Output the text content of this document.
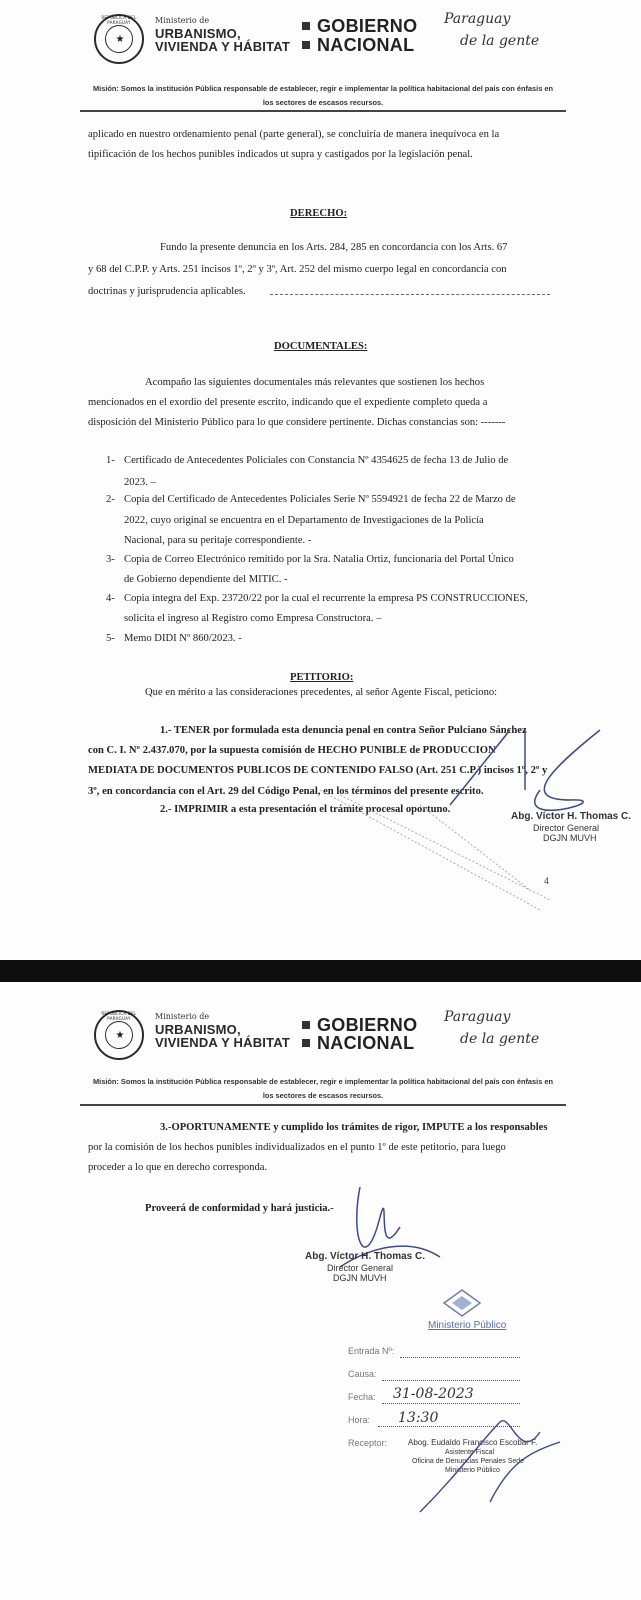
REPUBLICA DEL PARAGUAY
★
Ministerio de
URBANISMO,
VIVIENDA Y HÁBITAT
GOBIERNO
NACIONAL
Paraguay
de la gente
Misión: Somos la institución Pública responsable de establecer, regir e implementar la política habitacional del país con énfasis en
los sectores de escasos recursos.
aplicado en nuestro ordenamiento penal (parte general), se concluiría de manera inequívoca en la
tipificación de los hechos punibles indicados ut supra y castigados por la legislación penal.
DERECHO:
Fundo la presente denuncia en los Arts. 284, 285 en concordancia con los Arts. 67
y 68 del C.P.P. y Arts. 251 incisos 1º, 2º y 3º, Art. 252 del mismo cuerpo legal en concordancia con
doctrinas y jurisprudencia aplicables.
DOCUMENTALES:
Acompaño las siguientes documentales más relevantes que sostienen los hechos
mencionados en el exordio del presente escrito, indicando que el expediente completo queda a
disposición del Ministerio Público para lo que considere pertinente. Dichas constancias son: -------
1- Certificado de Antecedentes Policiales con Constancia Nº 4354625 de fecha 13 de Julio de
2023. –
2- Copia del Certificado de Antecedentes Policiales Serie Nº 5594921 de fecha 22 de Marzo de
2022, cuyo original se encuentra en el Departamento de Investigaciones de la Policía
Nacional, para su peritaje correspondiente. -
3- Copia de Correo Electrónico remitido por la Sra. Natalia Ortiz, funcionaria del Portal Único
de Gobierno dependiente del MITIC. -
4- Copia íntegra del Exp. 23720/22 por la cual el recurrente la empresa PS CONSTRUCCIONES,
solicita el ingreso al Registro como Empresa Constructora. –
5- Memo DIDI Nº 860/2023. -
PETITORIO:
Que en mérito a las consideraciones precedentes, al señor Agente Fiscal, peticiono:
1.- TENER por formulada esta denuncia penal en contra Señor Pulciano Sánchez
con C. I. Nº 2.437.070, por la supuesta comisión de HECHO PUNIBLE de PRODUCCION
MEDIATA DE DOCUMENTOS PUBLICOS DE CONTENIDO FALSO (Art. 251 C.P.) incisos 1º, 2º y
3º, en concordancia con el Art. 29 del Código Penal, en los términos del presente escrito.
2.- IMPRIMIR a esta presentación el trámite procesal oportuno.
Abg. Víctor H. Thomas C.
Director General
DGJN MUVH
4
REPUBLICA DEL PARAGUAY
★
Ministerio de
URBANISMO,
VIVIENDA Y HÁBITAT
GOBIERNO
NACIONAL
Paraguay
de la gente
Misión: Somos la institución Pública responsable de establecer, regir e implementar la política habitacional del país con énfasis en
los sectores de escasos recursos.
3.-OPORTUNAMENTE y cumplido los trámites de rigor, IMPUTE a los responsables
por la comisión de los hechos punibles individualizados en el punto 1º de este petitorio, para luego
proceder a lo que en derecho corresponda.
Proveerá de conformidad y hará justicia.-
Abg. Víctor H. Thomas C.
Director General
DGJN MUVH
Ministerio Público
Entrada Nº:
Causa:
Fecha: 31-08-2023
Hora: 13:30
Receptor:	Abog. Eudaldo Francisco Escobar F.
Asistente Fiscal
Oficina de Denuncias Penales Sede
Ministerio Público
